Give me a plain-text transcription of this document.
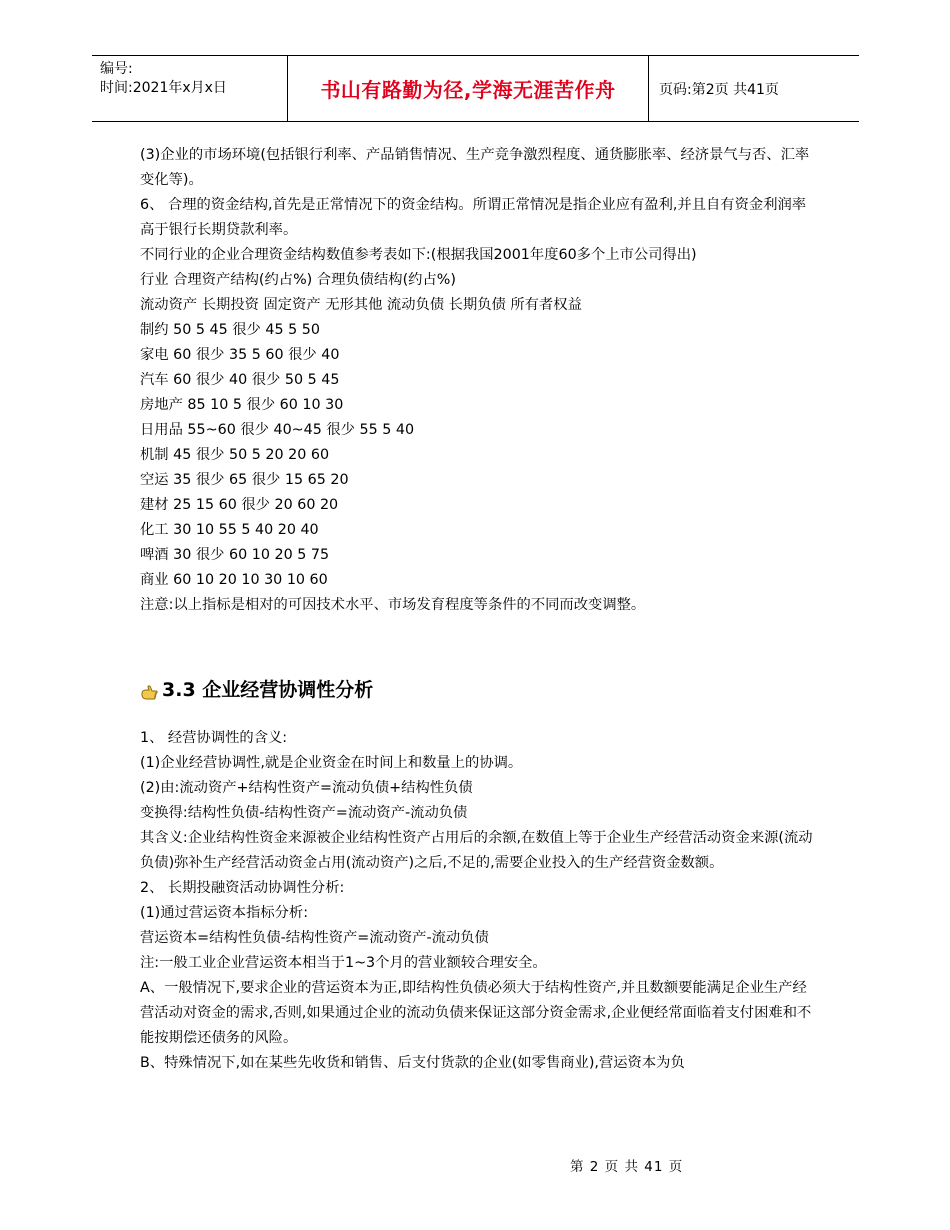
编号:
时间:2021年x月x日	书山有路勤为径,学海无涯苦作舟	页码:第2页 共41页

(3)企业的市场环境(包括银行利率、产品销售情况、生产竞争激烈程度、通货膨胀率、经济景气与否、汇率变化等)。

6、 合理的资金结构,首先是正常情况下的资金结构。所谓正常情况是指企业应有盈利,并且自有资金利润率高于银行长期贷款利率。

不同行业的企业合理资金结构数值参考表如下:(根据我国2001年度60多个上市公司得出)

行业 合理资产结构(约占%) 合理负债结构(约占%)

流动资产 长期投资 固定资产 无形其他 流动负债 长期负债 所有者权益

制约 50 5 45 很少 45 5 50

家电 60 很少 35 5 60 很少 40

汽车 60 很少 40 很少 50 5 45

房地产 85 10 5 很少 60 10 30

日用品 55~60 很少 40~45 很少 55 5 40

机制 45 很少 50 5 20 20 60

空运 35 很少 65 很少 15 65 20

建材 25 15 60 很少 20 60 20

化工 30 10 55 5 40 20 40

啤酒 30 很少 60 10 20 5 75

商业 60 10 20 10 30 10 60

注意:以上指标是相对的可因技术水平、市场发育程度等条件的不同而改变调整。

3.3 企业经营协调性分析

1、 经营协调性的含义:

(1)企业经营协调性,就是企业资金在时间上和数量上的协调。

(2)由:流动资产+结构性资产=流动负债+结构性负债

变换得:结构性负债-结构性资产=流动资产-流动负债

其含义:企业结构性资金来源被企业结构性资产占用后的余额,在数值上等于企业生产经营活动资金来源(流动负债)弥补生产经营活动资金占用(流动资产)之后,不足的,需要企业投入的生产经营资金数额。

2、 长期投融资活动协调性分析:

(1)通过营运资本指标分析:

营运资本=结构性负债-结构性资产=流动资产-流动负债

注:一般工业企业营运资本相当于1~3个月的营业额较合理安全。

A、一般情况下,要求企业的营运资本为正,即结构性负债必须大于结构性资产,并且数额要能满足企业生产经营活动对资金的需求,否则,如果通过企业的流动负债来保证这部分资金需求,企业便经常面临着支付困难和不能按期偿还债务的风险。

B、特殊情况下,如在某些先收货和销售、后支付货款的企业(如零售商业),营运资本为负

第 2 页 共 41 页
